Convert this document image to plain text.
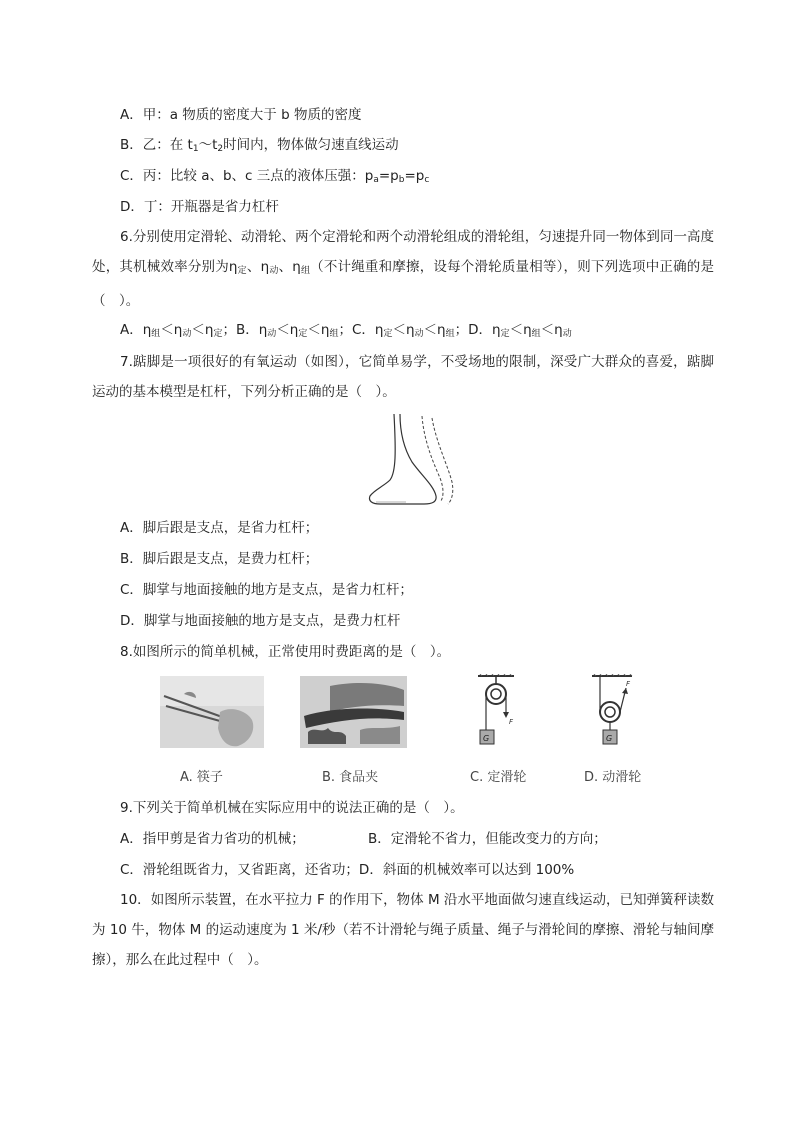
A．甲：a 物质的密度大于 b 物质的密度
B．乙：在 $t_1\sim t_2$时间内，物体做匀速直线运动
C．丙：比较 a、b、c 三点的液体压强：$p_a=p_b=p_c$
D．丁：开瓶器是省力杠杆
6.分别使用定滑轮、动滑轮、两个定滑轮和两个动滑轮组成的滑轮组，匀速提升同一物体到同一高度处，其机械效率分别为$\eta_定$、$\eta_动$、$\eta_组$（不计绳重和摩擦，设每个滑轮质量相等），则下列选项中正确的是（　）。
A．$\eta_组<\eta_动<\eta_定$；B．$\eta_动<\eta_定<\eta_组$；C．$\eta_定<\eta_动<\eta_组$；D．$\eta_定<\eta_组<\eta_动$
7.踮脚是一项很好的有氧运动（如图），它简单易学，不受场地的限制，深受广大群众的喜爱，踮脚运动的基本模型是杠杆，下列分析正确的是（　）。
A．脚后跟是支点，是省力杠杆；
B．脚后跟是支点，是费力杠杆；
C．脚掌与地面接触的地方是支点，是省力杠杆；
D．脚掌与地面接触的地方是支点，是费力杠杆
8.如图所示的简单机械，正常使用时费距离的是（　）。
F
G
F
G
A. 筷子	B. 食品夹	C. 定滑轮	D. 动滑轮
9.下列关于简单机械在实际应用中的说法正确的是（　）。
A．指甲剪是省力省功的机械；	B．定滑轮不省力，但能改变力的方向；
C．滑轮组既省力，又省距离，还省功；D．斜面的机械效率可以达到 100%
10．如图所示装置，在水平拉力 F 的作用下，物体 M 沿水平地面做匀速直线运动，已知弹簧秤读数为 10 牛，物体 M 的运动速度为 1 米/秒（若不计滑轮与绳子质量、绳子与滑轮间的摩擦、滑轮与轴间摩擦），那么在此过程中（　）。
